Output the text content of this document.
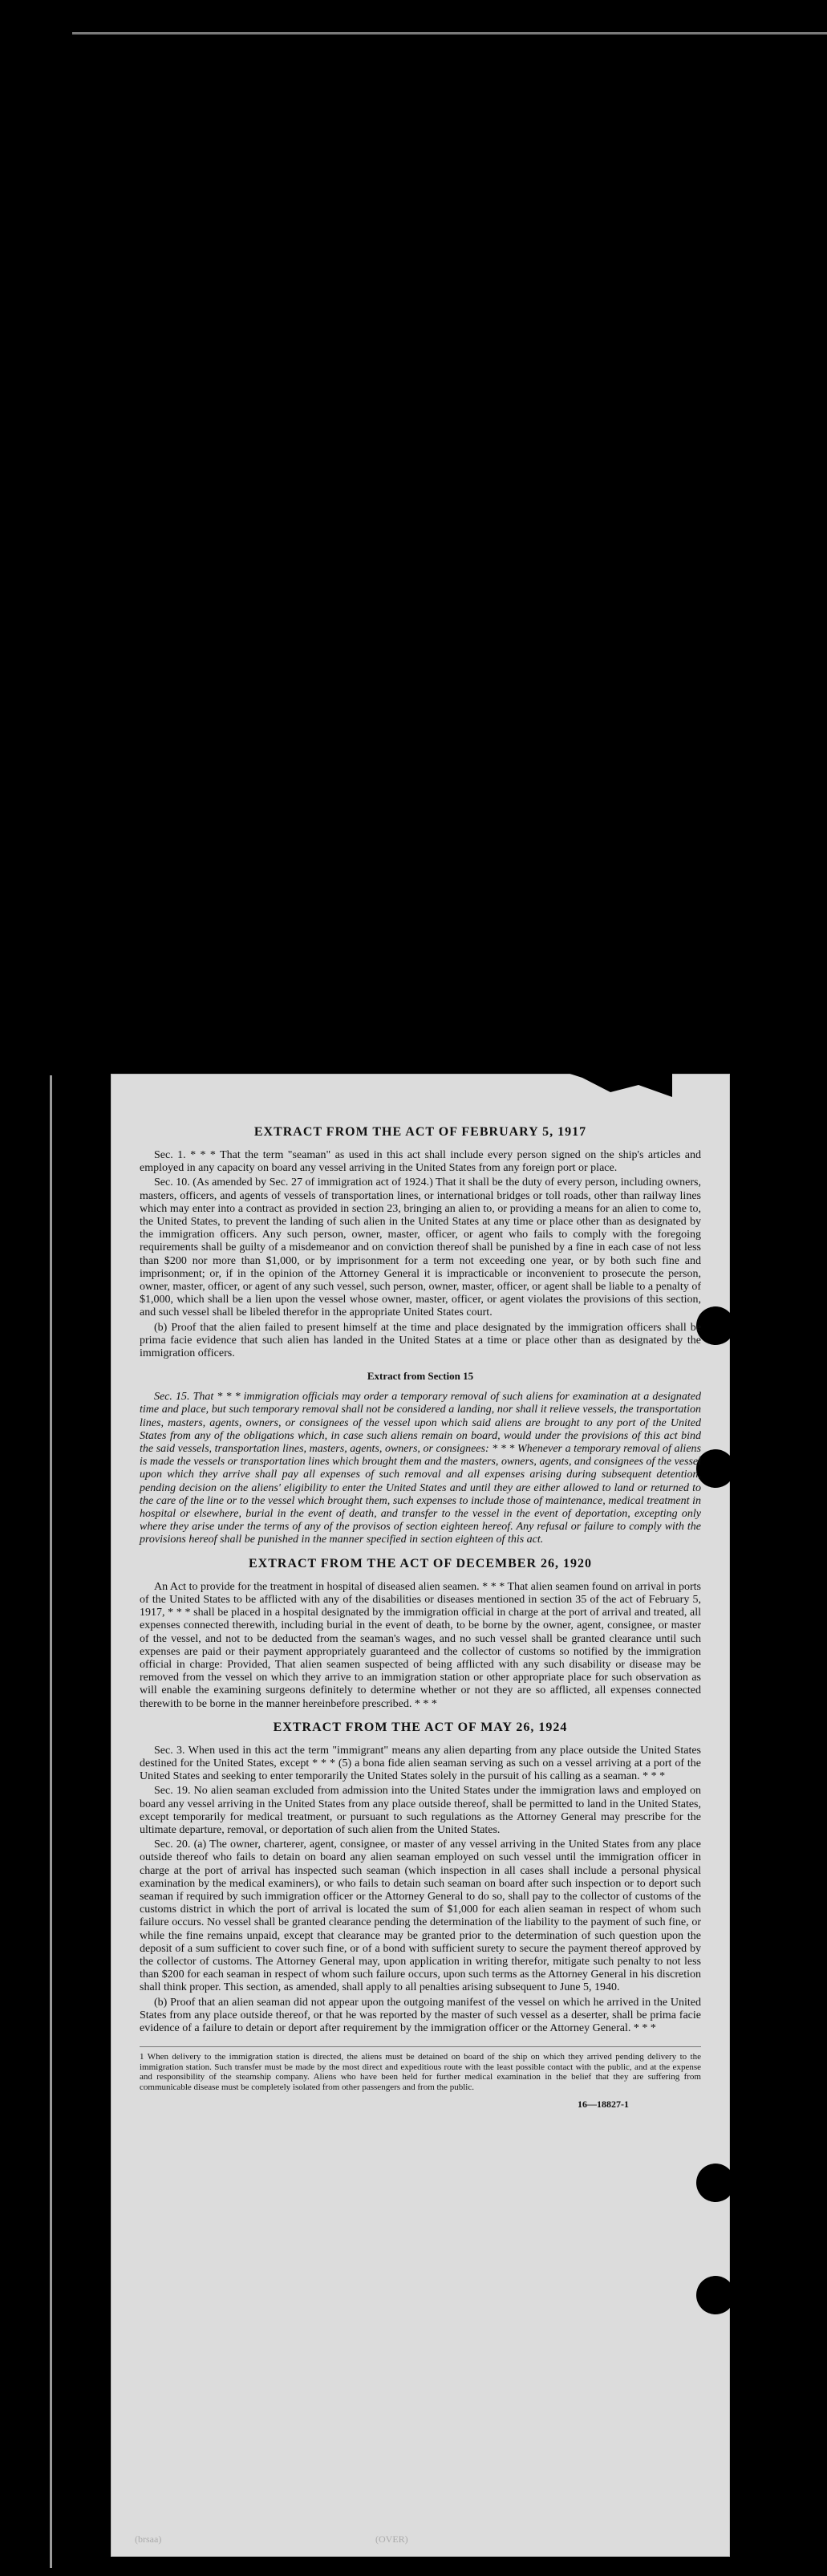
EXTRACT FROM THE ACT OF FEBRUARY 5, 1917

Sec. 1. * * * That the term "seaman" as used in this act shall include every person signed on the ship's articles and employed in any capacity on board any vessel arriving in the United States from any foreign port or place.

Sec. 10. (As amended by Sec. 27 of immigration act of 1924.) That it shall be the duty of every person, including owners, masters, officers, and agents of vessels of transportation lines, or international bridges or toll roads, other than railway lines which may enter into a contract as provided in section 23, bringing an alien to, or providing a means for an alien to come to, the United States, to prevent the landing of such alien in the United States at any time or place other than as designated by the immigration officers. Any such person, owner, master, officer, or agent who fails to comply with the foregoing requirements shall be guilty of a misdemeanor and on conviction thereof shall be punished by a fine in each case of not less than $200 nor more than $1,000, or by imprisonment for a term not exceeding one year, or by both such fine and imprisonment; or, if in the opinion of the Attorney General it is impracticable or inconvenient to prosecute the person, owner, master, officer, or agent of any such vessel, such person, owner, master, officer, or agent shall be liable to a penalty of $1,000, which shall be a lien upon the vessel whose owner, master, officer, or agent violates the provisions of this section, and such vessel shall be libeled therefor in the appropriate United States court.

(b) Proof that the alien failed to present himself at the time and place designated by the immigration officers shall be prima facie evidence that such alien has landed in the United States at a time or place other than as designated by the immigration officers.

Extract from Section 15

Sec. 15. That * * * immigration officials may order a temporary removal of such aliens for examination at a designated time and place, but such temporary removal shall not be considered a landing, nor shall it relieve vessels, the transportation lines, masters, agents, owners, or consignees of the vessel upon which said aliens are brought to any port of the United States from any of the obligations which, in case such aliens remain on board, would under the provisions of this act bind the said vessels, transportation lines, masters, agents, owners, or consignees: * * * Whenever a temporary removal of aliens is made the vessels or transportation lines which brought them and the masters, owners, agents, and consignees of the vessel upon which they arrive shall pay all expenses of such removal and all expenses arising during subsequent detention, pending decision on the aliens' eligibility to enter the United States and until they are either allowed to land or returned to the care of the line or to the vessel which brought them, such expenses to include those of maintenance, medical treatment in hospital or elsewhere, burial in the event of death, and transfer to the vessel in the event of deportation, excepting only where they arise under the terms of any of the provisos of section eighteen hereof. Any refusal or failure to comply with the provisions hereof shall be punished in the manner specified in section eighteen of this act.

EXTRACT FROM THE ACT OF DECEMBER 26, 1920

An Act to provide for the treatment in hospital of diseased alien seamen. * * * That alien seamen found on arrival in ports of the United States to be afflicted with any of the disabilities or diseases mentioned in section 35 of the act of February 5, 1917, * * * shall be placed in a hospital designated by the immigration official in charge at the port of arrival and treated, all expenses connected therewith, including burial in the event of death, to be borne by the owner, agent, consignee, or master of the vessel, and not to be deducted from the seaman's wages, and no such vessel shall be granted clearance until such expenses are paid or their payment appropriately guaranteed and the collector of customs so notified by the immigration official in charge: Provided, That alien seamen suspected of being afflicted with any such disability or disease may be removed from the vessel on which they arrive to an immigration station or other appropriate place for such observation as will enable the examining surgeons definitely to determine whether or not they are so afflicted, all expenses connected therewith to be borne in the manner hereinbefore prescribed. * * *

EXTRACT FROM THE ACT OF MAY 26, 1924

Sec. 3. When used in this act the term "immigrant" means any alien departing from any place outside the United States destined for the United States, except * * * (5) a bona fide alien seaman serving as such on a vessel arriving at a port of the United States and seeking to enter temporarily the United States solely in the pursuit of his calling as a seaman. * * *

Sec. 19. No alien seaman excluded from admission into the United States under the immigration laws and employed on board any vessel arriving in the United States from any place outside thereof, shall be permitted to land in the United States, except temporarily for medical treatment, or pursuant to such regulations as the Attorney General may prescribe for the ultimate departure, removal, or deportation of such alien from the United States.

Sec. 20. (a) The owner, charterer, agent, consignee, or master of any vessel arriving in the United States from any place outside thereof who fails to detain on board any alien seaman employed on such vessel until the immigration officer in charge at the port of arrival has inspected such seaman (which inspection in all cases shall include a personal physical examination by the medical examiners), or who fails to detain such seaman on board after such inspection or to deport such seaman if required by such immigration officer or the Attorney General to do so, shall pay to the collector of customs of the customs district in which the port of arrival is located the sum of $1,000 for each alien seaman in respect of whom such failure occurs. No vessel shall be granted clearance pending the determination of the liability to the payment of such fine, or while the fine remains unpaid, except that clearance may be granted prior to the determination of such question upon the deposit of a sum sufficient to cover such fine, or of a bond with sufficient surety to secure the payment thereof approved by the collector of customs. The Attorney General may, upon application in writing therefor, mitigate such penalty to not less than $200 for each seaman in respect of whom such failure occurs, upon such terms as the Attorney General in his discretion shall think proper. This section, as amended, shall apply to all penalties arising subsequent to June 5, 1940.

(b) Proof that an alien seaman did not appear upon the outgoing manifest of the vessel on which he arrived in the United States from any place outside thereof, or that he was reported by the master of such vessel as a deserter, shall be prima facie evidence of a failure to detain or deport after requirement by the immigration officer or the Attorney General. * * *

1 When delivery to the immigration station is directed, the aliens must be detained on board of the ship on which they arrived pending delivery to the immigration station. Such transfer must be made by the most direct and expeditious route with the least possible contact with the public, and at the expense and responsibility of the steamship company. Aliens who have been held for further medical examination in the belief that they are suffering from communicable disease must be completely isolated from other passengers and from the public.
16—18827-1
(brsaa)	(OVER)
